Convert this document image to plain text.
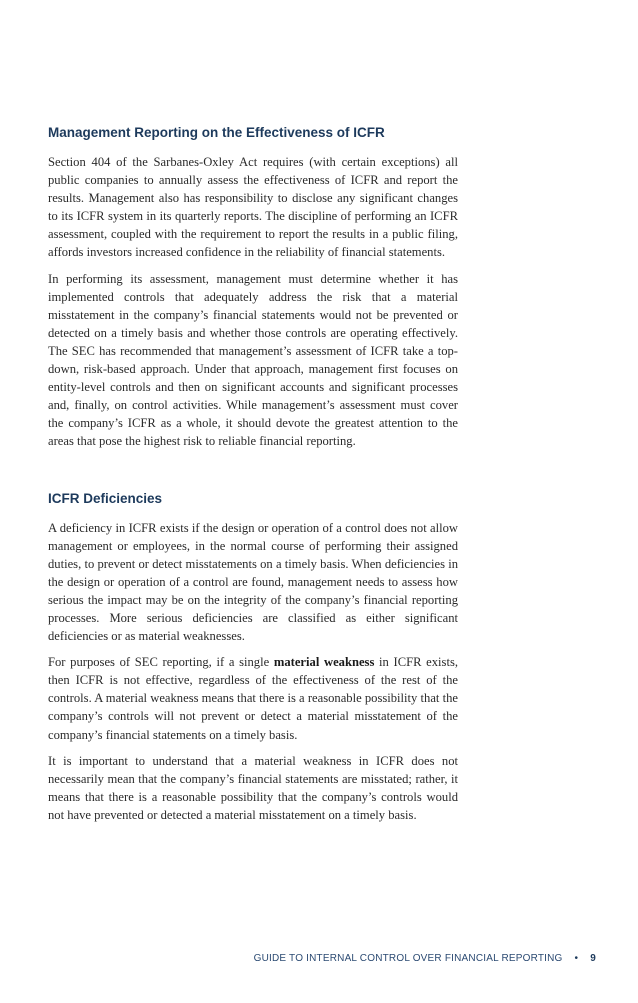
Management Reporting on the Effectiveness of ICFR

Section 404 of the Sarbanes-Oxley Act requires (with certain exceptions) all public companies to annually assess the effectiveness of ICFR and report the results. Management also has responsibility to disclose any significant changes to its ICFR system in its quarterly reports. The discipline of performing an ICFR assessment, coupled with the requirement to report the results in a public filing, affords investors increased confidence in the reliability of financial statements.

In performing its assessment, management must determine whether it has implemented controls that adequately address the risk that a material misstatement in the company’s financial statements would not be prevented or detected on a timely basis and whether those controls are operating effectively. The SEC has recommended that management’s assessment of ICFR take a top-down, risk-based approach. Under that approach, management first focuses on entity-level controls and then on significant accounts and significant processes and, finally, on control activities. While management’s assessment must cover the company’s ICFR as a whole, it should devote the greatest attention to the areas that pose the highest risk to reliable financial reporting.

ICFR Deficiencies

A deficiency in ICFR exists if the design or operation of a control does not allow management or employees, in the normal course of performing their assigned duties, to prevent or detect misstatements on a timely basis. When deficiencies in the design or operation of a control are found, management needs to assess how serious the impact may be on the integrity of the company’s financial reporting processes. More serious deficiencies are classified as either significant deficiencies or as material weaknesses.

For purposes of SEC reporting, if a single material weakness in ICFR exists, then ICFR is not effective, regardless of the effectiveness of the rest of the controls. A material weakness means that there is a reasonable possibility that the company’s controls will not prevent or detect a material misstatement of the company’s financial statements on a timely basis.

It is important to understand that a material weakness in ICFR does not necessarily mean that the company’s financial statements are misstated; rather, it means that there is a reasonable possibility that the company’s controls would not have prevented or detected a material misstatement on a timely basis.

GUIDE TO INTERNAL CONTROL OVER FINANCIAL REPORTING • 9
